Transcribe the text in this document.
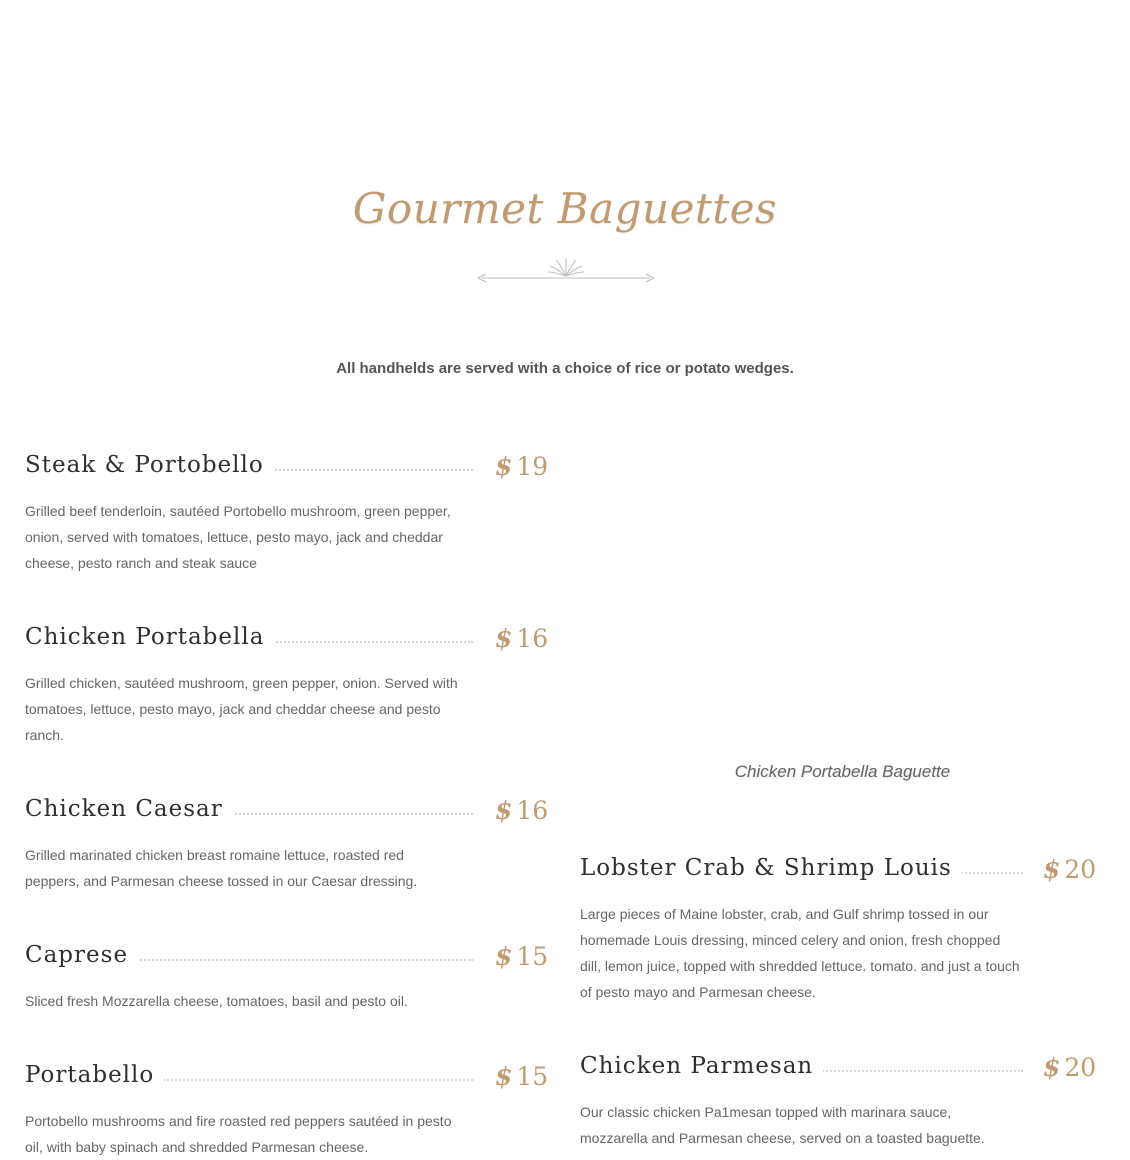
Gourmet Baguettes
All handhelds are served with a choice of rice or potato wedges.
Steak & Portobello	$ 19
Grilled beef tenderloin, sautéed Portobello mushroom, green pepper, onion, served with tomatoes, lettuce, pesto mayo, jack and cheddar cheese, pesto ranch and steak sauce
Chicken Portabella	$ 16
Grilled chicken, sautéed mushroom, green pepper, onion. Served with tomatoes, lettuce, pesto mayo, jack and cheddar cheese and pesto ranch.
Chicken Caesar	$ 16
Grilled marinated chicken breast romaine lettuce, roasted red peppers, and Parmesan cheese tossed in our Caesar dressing.
Caprese	$ 15
Sliced fresh Mozzarella cheese, tomatoes, basil and pesto oil.
Portabello	$ 15
Portobello mushrooms and fire roasted red peppers sautéed in pesto oil, with baby spinach and shredded Parmesan cheese.
Chicken Portabella Baguette
Lobster Crab & Shrimp Louis	$ 20
Large pieces of Maine lobster, crab, and Gulf shrimp tossed in our homemade Louis dressing, minced celery and onion, fresh chopped dill, lemon juice, topped with shredded lettuce. tomato. and just a touch of pesto mayo and Parmesan cheese.
Chicken Parmesan	$ 20
Our classic chicken Pa1mesan topped with marinara sauce, mozzarella and Parmesan cheese, served on a toasted baguette.
